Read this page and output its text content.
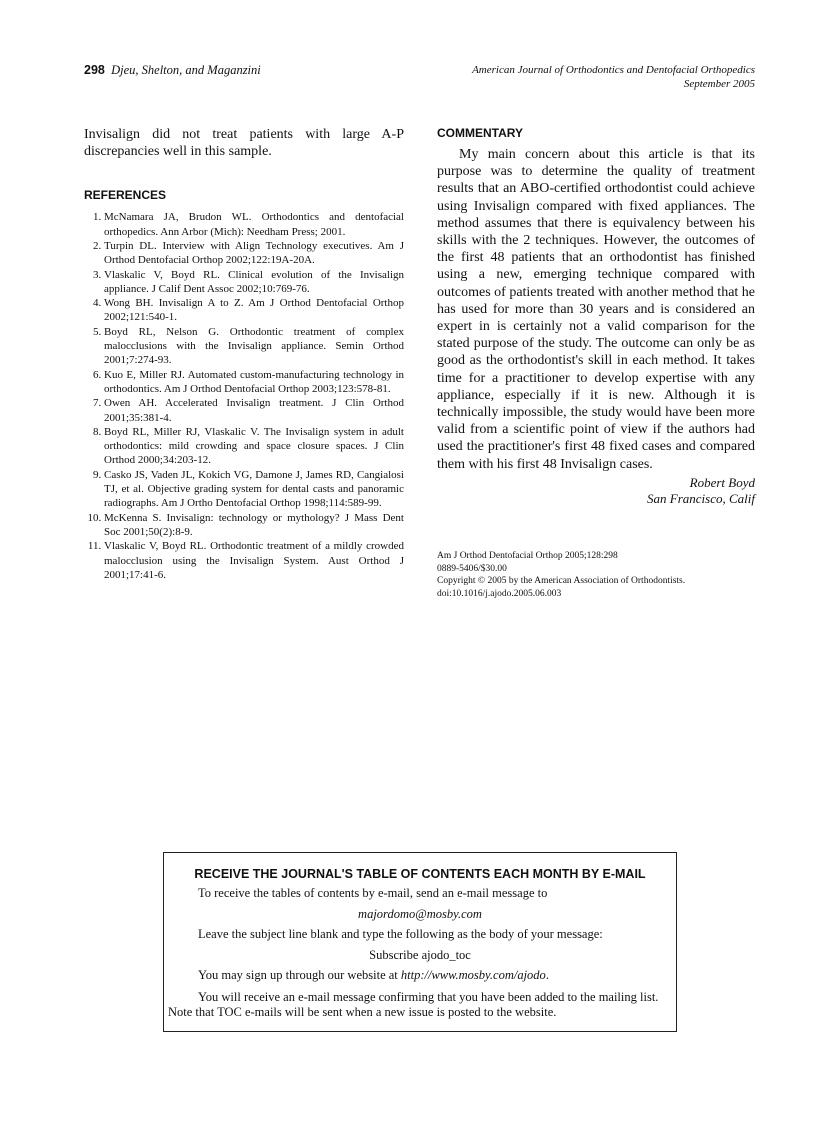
298 Djeu, Shelton, and Maganzini	American Journal of Orthodontics and Dentofacial Orthopedics
September 2005
Invisalign did not treat patients with large A-P discrepancies well in this sample.
REFERENCES
1. McNamara JA, Brudon WL. Orthodontics and dentofacial orthopedics. Ann Arbor (Mich): Needham Press; 2001.
2. Turpin DL. Interview with Align Technology executives. Am J Orthod Dentofacial Orthop 2002;122:19A-20A.
3. Vlaskalic V, Boyd RL. Clinical evolution of the Invisalign appliance. J Calif Dent Assoc 2002;10:769-76.
4. Wong BH. Invisalign A to Z. Am J Orthod Dentofacial Orthop 2002;121:540-1.
5. Boyd RL, Nelson G. Orthodontic treatment of complex malocclusions with the Invisalign appliance. Semin Orthod 2001;7:274-93.
6. Kuo E, Miller RJ. Automated custom-manufacturing technology in orthodontics. Am J Orthod Dentofacial Orthop 2003;123:578-81.
7. Owen AH. Accelerated Invisalign treatment. J Clin Orthod 2001;35:381-4.
8. Boyd RL, Miller RJ, Vlaskalic V. The Invisalign system in adult orthodontics: mild crowding and space closure spaces. J Clin Orthod 2000;34:203-12.
9. Casko JS, Vaden JL, Kokich VG, Damone J, James RD, Cangialosi TJ, et al. Objective grading system for dental casts and panoramic radiographs. Am J Ortho Dentofacial Orthop 1998;114:589-99.
10. McKenna S. Invisalign: technology or mythology? J Mass Dent Soc 2001;50(2):8-9.
11. Vlaskalic V, Boyd RL. Orthodontic treatment of a mildly crowded malocclusion using the Invisalign System. Aust Orthod J 2001;17:41-6.
COMMENTARY
My main concern about this article is that its purpose was to determine the quality of treatment results that an ABO-certified orthodontist could achieve using Invisalign compared with fixed appliances. The method assumes that there is equivalency between his skills with the 2 techniques. However, the outcomes of the first 48 patients that an orthodontist has finished using a new, emerging technique compared with outcomes of patients treated with another method that he has used for more than 30 years and is considered an expert in is certainly not a valid comparison for the stated purpose of the study. The outcome can only be as good as the orthodontist's skill in each method. It takes time for a practitioner to develop expertise with any appliance, especially if it is new. Although it is technically impossible, the study would have been more valid from a scientific point of view if the authors had used the practitioner's first 48 fixed cases and compared them with his first 48 Invisalign cases.
Robert Boyd
San Francisco, Calif
Am J Orthod Dentofacial Orthop 2005;128:298
0889-5406/$30.00
Copyright © 2005 by the American Association of Orthodontists.
doi:10.1016/j.ajodo.2005.06.003
RECEIVE THE JOURNAL'S TABLE OF CONTENTS EACH MONTH BY E-MAIL

To receive the tables of contents by e-mail, send an e-mail message to

majordomo@mosby.com

Leave the subject line blank and type the following as the body of your message:

Subscribe ajodo_toc

You may sign up through our website at http://www.mosby.com/ajodo.

You will receive an e-mail message confirming that you have been added to the mailing list. Note that TOC e-mails will be sent when a new issue is posted to the website.
